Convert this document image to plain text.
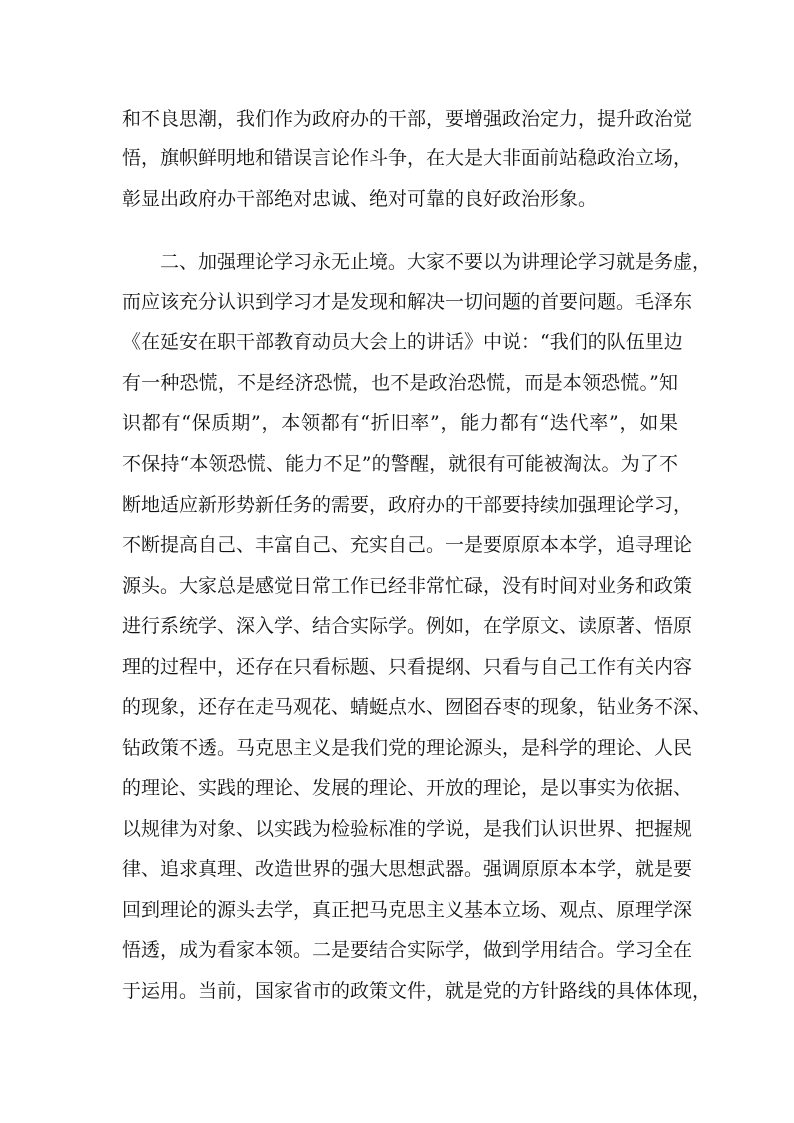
和不良思潮，我们作为政府办的干部，要增强政治定力，提升政治觉
悟，旗帜鲜明地和错误言论作斗争，在大是大非面前站稳政治立场，
彰显出政府办干部绝对忠诚、绝对可靠的良好政治形象。
二、加强理论学习永无止境。大家不要以为讲理论学习就是务虚，
而应该充分认识到学习才是发现和解决一切问题的首要问题。毛泽东
《在延安在职干部教育动员大会上的讲话》中说：“我们的队伍里边
有一种恐慌，不是经济恐慌，也不是政治恐慌，而是本领恐慌。”知
识都有“保质期”，本领都有“折旧率”，能力都有“迭代率”，如果
不保持“本领恐慌、能力不足”的警醒，就很有可能被淘汰。为了不
断地适应新形势新任务的需要，政府办的干部要持续加强理论学习，
不断提高自己、丰富自己、充实自己。一是要原原本本学，追寻理论
源头。大家总是感觉日常工作已经非常忙碌，没有时间对业务和政策
进行系统学、深入学、结合实际学。例如，在学原文、读原著、悟原
理的过程中，还存在只看标题、只看提纲、只看与自己工作有关内容
的现象，还存在走马观花、蜻蜓点水、囫囵吞枣的现象，钻业务不深、
钻政策不透。马克思主义是我们党的理论源头，是科学的理论、人民
的理论、实践的理论、发展的理论、开放的理论，是以事实为依据、
以规律为对象、以实践为检验标准的学说，是我们认识世界、把握规
律、追求真理、改造世界的强大思想武器。强调原原本本学，就是要
回到理论的源头去学，真正把马克思主义基本立场、观点、原理学深
悟透，成为看家本领。二是要结合实际学，做到学用结合。学习全在
于运用。当前，国家省市的政策文件，就是党的方针路线的具体体现，
